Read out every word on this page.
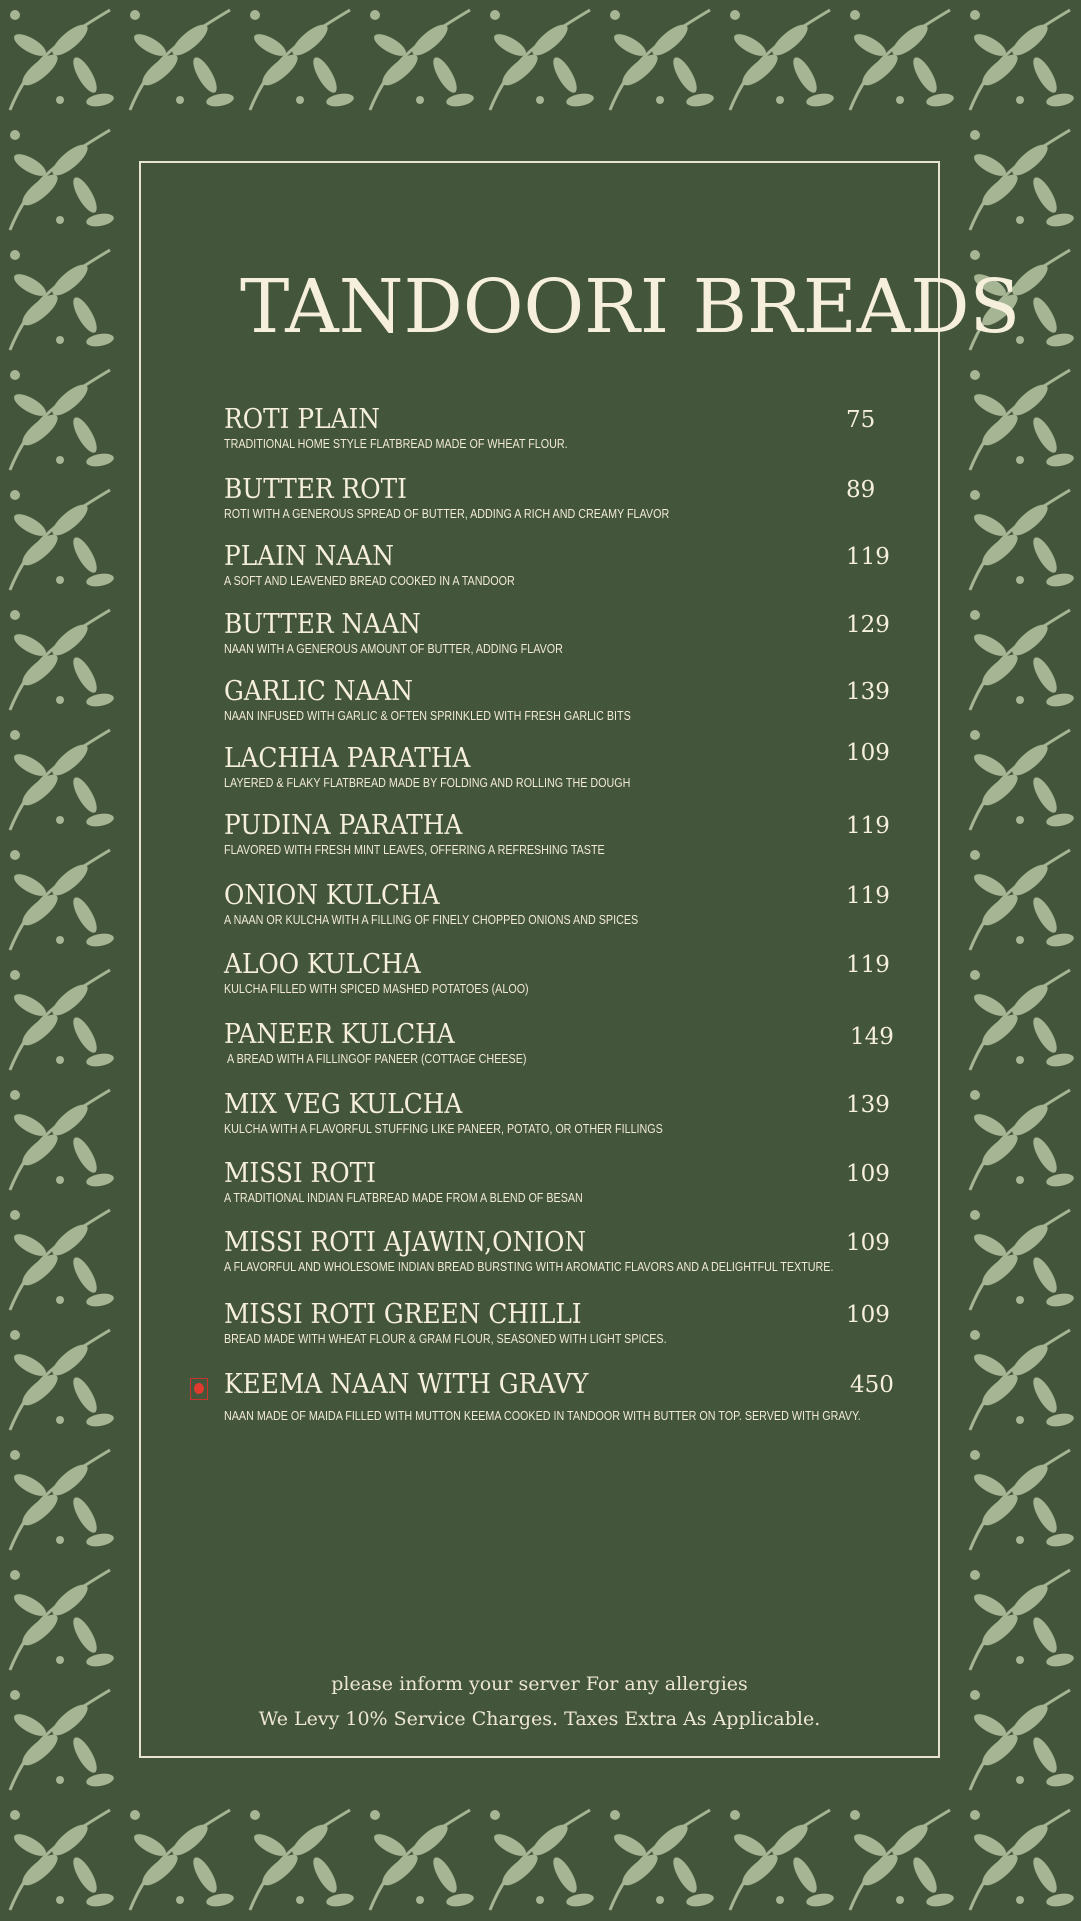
TANDOORI BREADS
ROTI PLAIN
TRADITIONAL HOME STYLE FLATBREAD MADE OF WHEAT FLOUR.
75
BUTTER ROTI
ROTI WITH A GENEROUS SPREAD OF BUTTER, ADDING A RICH AND CREAMY FLAVOR
89
PLAIN NAAN
A SOFT AND LEAVENED BREAD COOKED IN A TANDOOR
119
BUTTER NAAN
NAAN WITH A GENEROUS AMOUNT OF BUTTER, ADDING FLAVOR
129
GARLIC NAAN
NAAN INFUSED WITH GARLIC & OFTEN SPRINKLED WITH FRESH GARLIC BITS
139
LACHHA PARATHA
LAYERED & FLAKY FLATBREAD MADE BY FOLDING AND ROLLING THE DOUGH
109
PUDINA PARATHA
FLAVORED WITH FRESH MINT LEAVES, OFFERING A REFRESHING TASTE
119
ONION KULCHA
A NAAN OR KULCHA WITH A FILLING OF FINELY CHOPPED ONIONS AND SPICES
119
ALOO KULCHA
KULCHA FILLED WITH SPICED MASHED POTATOES (ALOO)
119
PANEER KULCHA
A BREAD WITH A FILLINGOF PANEER (COTTAGE CHEESE)
149
MIX VEG KULCHA
KULCHA WITH A FLAVORFUL STUFFING LIKE PANEER, POTATO, OR OTHER FILLINGS
139
MISSI ROTI
A TRADITIONAL INDIAN FLATBREAD MADE FROM A BLEND OF BESAN
109
MISSI ROTI AJAWIN,ONION
A FLAVORFUL AND WHOLESOME INDIAN BREAD BURSTING WITH AROMATIC FLAVORS AND A DELIGHTFUL TEXTURE.
109
MISSI ROTI GREEN CHILLI
BREAD MADE WITH WHEAT FLOUR & GRAM FLOUR, SEASONED WITH LIGHT SPICES.
109
KEEMA NAAN WITH GRAVY
NAAN MADE OF MAIDA FILLED WITH MUTTON KEEMA COOKED IN TANDOOR WITH BUTTER ON TOP. SERVED WITH GRAVY.
450
please inform your server For any allergies
We Levy 10% Service Charges. Taxes Extra As Applicable.
